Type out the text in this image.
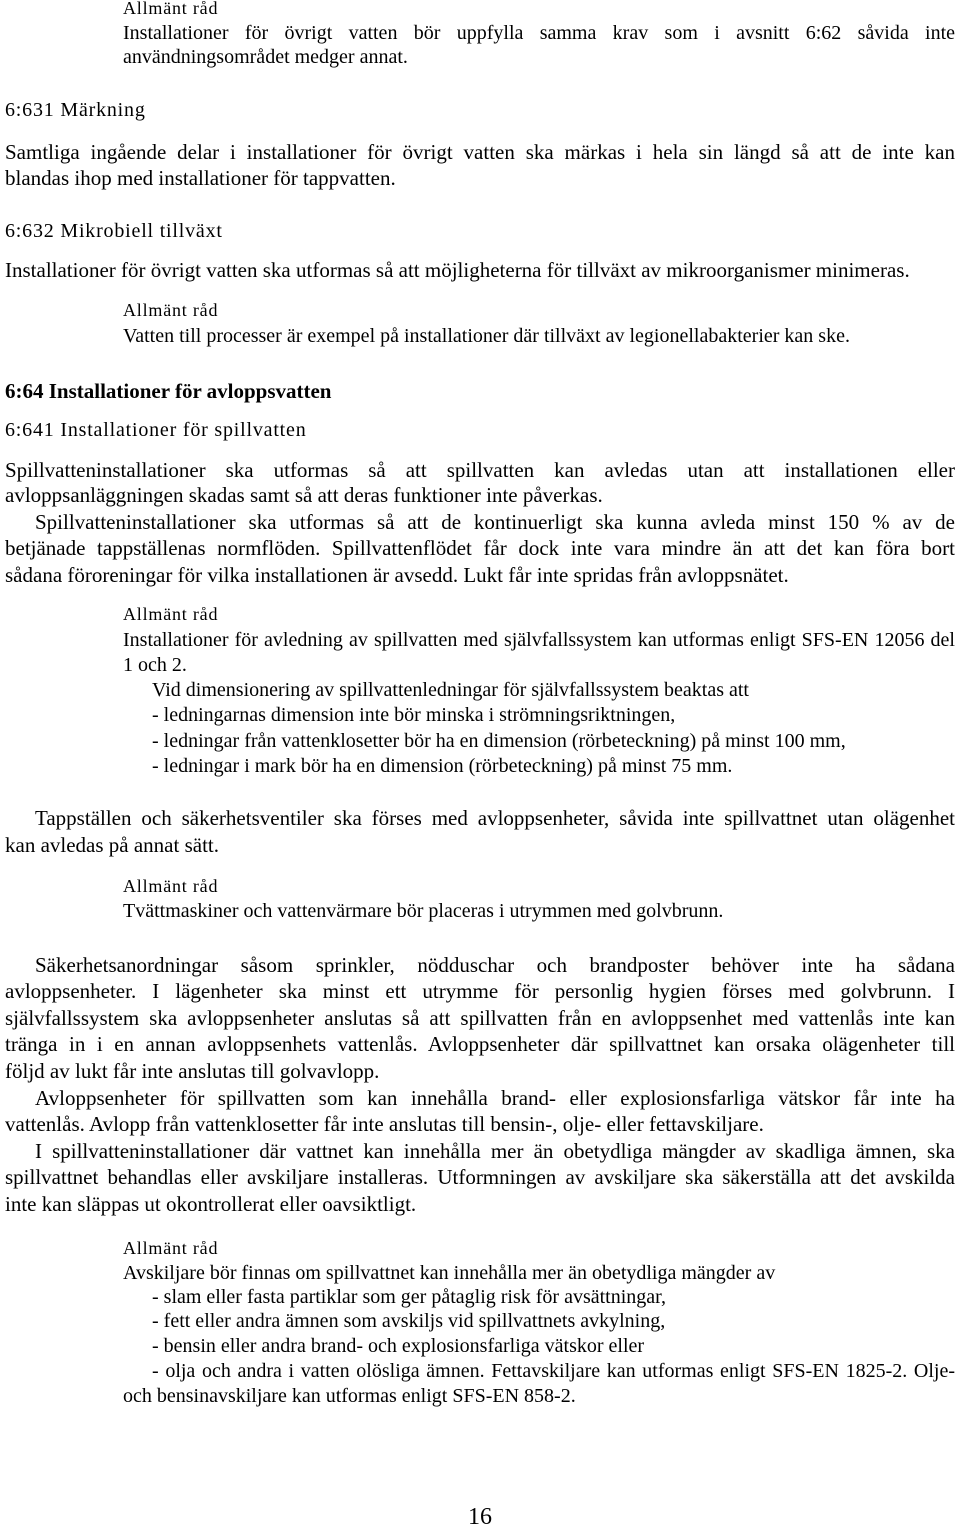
Allmänt råd
Installationer för övrigt vatten bör uppfylla samma krav som i avsnitt 6:62 såvida inte
användningsområdet medger annat.
6:631 Märkning
Samtliga ingående delar i installationer för övrigt vatten ska märkas i hela sin längd så att de inte kan
blandas ihop med installationer för tappvatten.
6:632 Mikrobiell tillväxt
Installationer för övrigt vatten ska utformas så att möjligheterna för tillväxt av mikroorganismer minimeras.
Allmänt råd
Vatten till processer är exempel på installationer där tillväxt av legionellabakterier kan ske.
6:64 Installationer för avloppsvatten
6:641 Installationer för spillvatten
Spillvatteninstallationer ska utformas så att spillvatten kan avledas utan att installationen eller
avloppsanläggningen skadas samt så att deras funktioner inte påverkas.
Spillvatteninstallationer ska utformas så att de kontinuerligt ska kunna avleda minst 150 % av de
betjänade tappställenas normflöden. Spillvattenflödet får dock inte vara mindre än att det kan föra bort
sådana föroreningar för vilka installationen är avsedd. Lukt får inte spridas från avloppsnätet.
Allmänt råd
Installationer för avledning av spillvatten med självfallssystem kan utformas enligt SFS-EN 12056 del
1 och 2.
Vid dimensionering av spillvattenledningar för självfallssystem beaktas att
- ledningarnas dimension inte bör minska i strömningsriktningen,
- ledningar från vattenklosetter bör ha en dimension (rörbeteckning) på minst 100 mm,
- ledningar i mark bör ha en dimension (rörbeteckning) på minst 75 mm.
Tappställen och säkerhetsventiler ska förses med avloppsenheter, såvida inte spillvattnet utan olägenhet
kan avledas på annat sätt.
Allmänt råd
Tvättmaskiner och vattenvärmare bör placeras i utrymmen med golvbrunn.
Säkerhetsanordningar såsom sprinkler, nödduschar och brandposter behöver inte ha sådana
avloppsenheter. I lägenheter ska minst ett utrymme för personlig hygien förses med golvbrunn. I
självfallssystem ska avloppsenheter anslutas så att spillvatten från en avloppsenhet med vattenlås inte kan
tränga in i en annan avloppsenhets vattenlås. Avloppsenheter där spillvattnet kan orsaka olägenheter till
följd av lukt får inte anslutas till golvavlopp.
Avloppsenheter för spillvatten som kan innehålla brand- eller explosionsfarliga vätskor får inte ha
vattenlås. Avlopp från vattenklosetter får inte anslutas till bensin-, olje- eller fettavskiljare.
I spillvatteninstallationer där vattnet kan innehålla mer än obetydliga mängder av skadliga ämnen, ska
spillvattnet behandlas eller avskiljare installeras. Utformningen av avskiljare ska säkerställa att det avskilda
inte kan släppas ut okontrollerat eller oavsiktligt.
Allmänt råd
Avskiljare bör finnas om spillvattnet kan innehålla mer än obetydliga mängder av
- slam eller fasta partiklar som ger påtaglig risk för avsättningar,
- fett eller andra ämnen som avskiljs vid spillvattnets avkylning,
- bensin eller andra brand- och explosionsfarliga vätskor eller
- olja och andra i vatten olösliga ämnen. Fettavskiljare kan utformas enligt SFS-EN 1825-2. Olje-
och bensinavskiljare kan utformas enligt SFS-EN 858-2.
16
